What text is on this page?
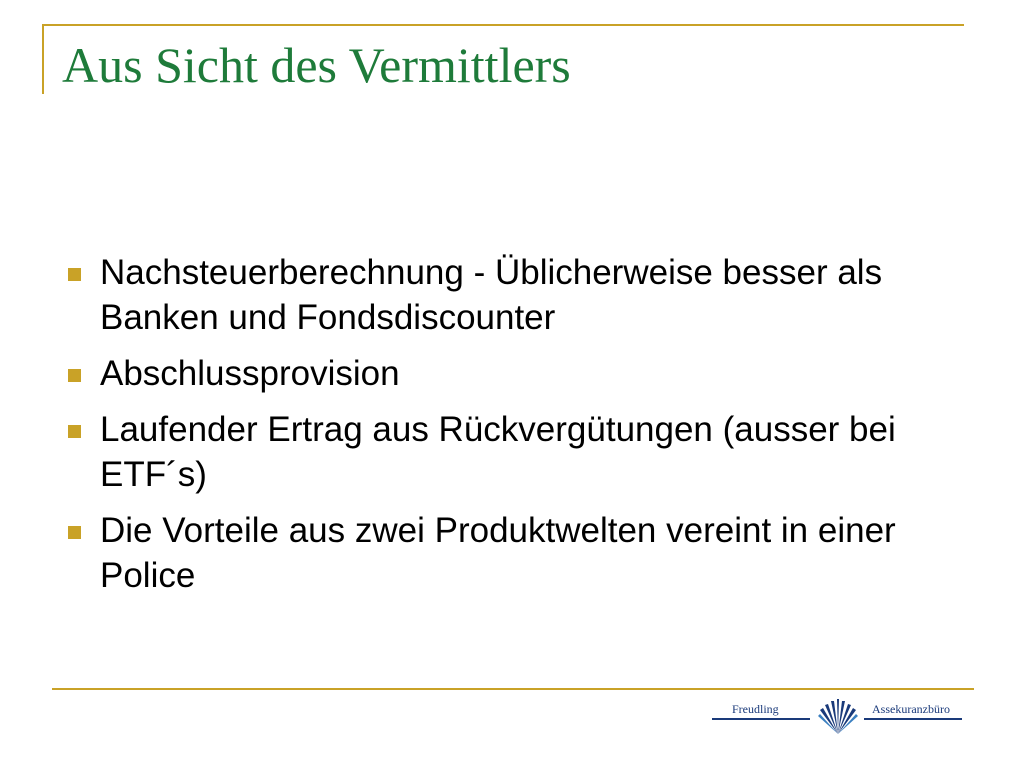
Aus Sicht des Vermittlers
Nachsteuerberechnung - Üblicherweise besser als Banken und Fondsdiscounter
Abschlussprovision
Laufender Ertrag aus Rückvergütungen (ausser bei ETF´s)
Die Vorteile aus zwei Produktwelten vereint in einer Police
Freudling	Assekuranzbüro
